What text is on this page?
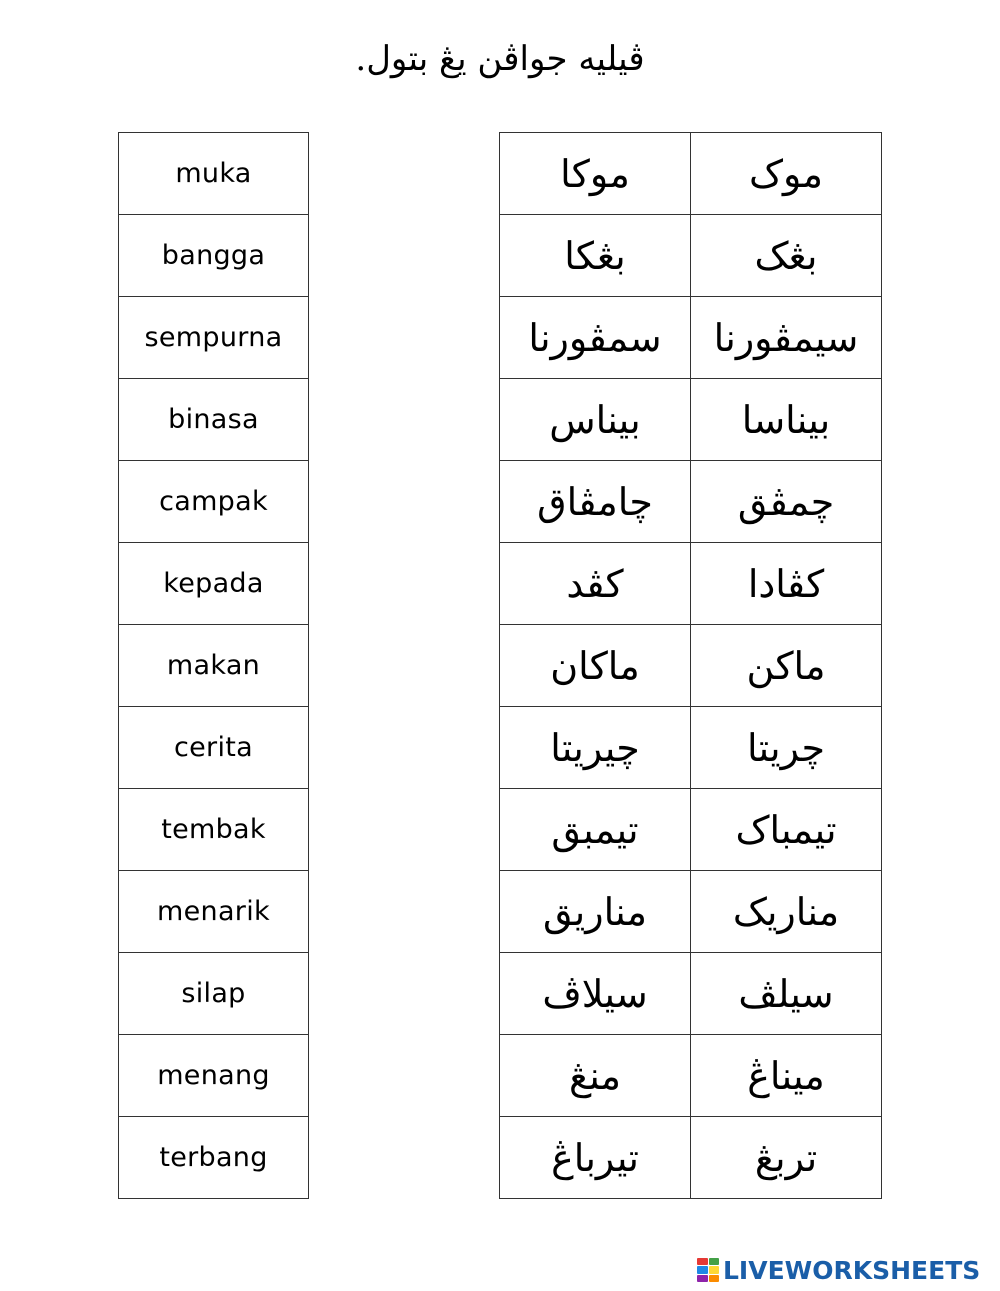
ڤيليه جواڤن يڠ بتول.
muka
bangga
sempurna
binasa
campak
kepada
makan
cerita
tembak
menarik
silap
menang
terbang
موکا	موک
بڠکا	بڠک
سمڤورنا	سيمڤورنا
بيناس	بيناسا
چامڤاق	چمڤق
کڤد	کڤادا
ماکان	ماکن
چيريتا	چريتا
تيمبق	تيمباک
مناريق	مناريک
سيلاڤ	سيلڤ
منڠ	ميناڠ
تيرباڠ	تربڠ
LIVEWORKSHEETS
